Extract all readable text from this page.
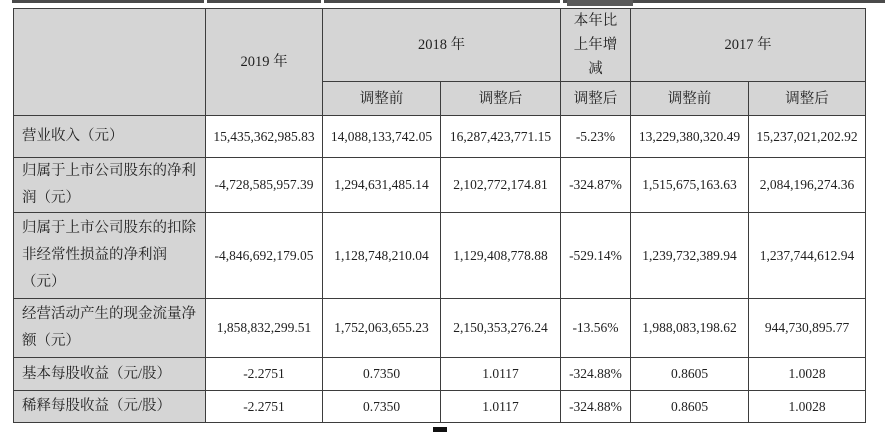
	2019 年	2018 年		本年比上年增减	2017 年	
		调整前	调整后	调整后	调整前	调整后
营业收入（元）	15,435,362,985.83	14,088,133,742.05	16,287,423,771.15	-5.23%	13,229,380,320.49	15,237,021,202.92
归属于上市公司股东的净利润（元）	-4,728,585,957.39	1,294,631,485.14	2,102,772,174.81	-324.87%	1,515,675,163.63	2,084,196,274.36
归属于上市公司股东的扣除非经常性损益的净利润（元）	-4,846,692,179.05	1,128,748,210.04	1,129,408,778.88	-529.14%	1,239,732,389.94	1,237,744,612.94
经营活动产生的现金流量净额（元）	1,858,832,299.51	1,752,063,655.23	2,150,353,276.24	-13.56%	1,988,083,198.62	944,730,895.77
基本每股收益（元/股）	-2.2751	0.7350	1.0117	-324.88%	0.8605	1.0028
稀释每股收益（元/股）	-2.2751	0.7350	1.0117	-324.88%	0.8605	1.0028
